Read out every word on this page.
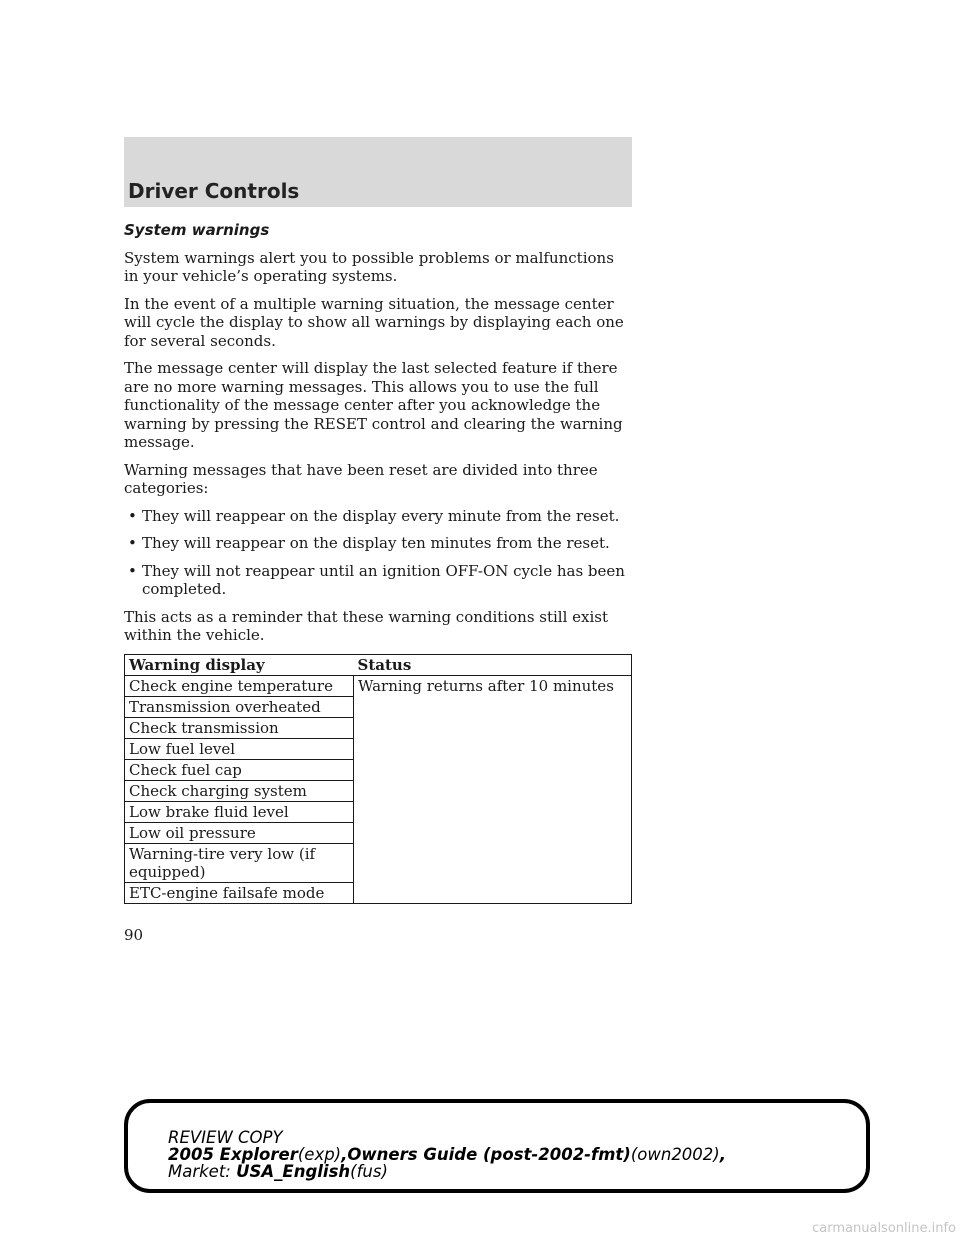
Driver Controls
System warnings

System warnings alert you to possible problems or malfunctions in your vehicle’s operating systems.

In the event of a multiple warning situation, the message center will cycle the display to show all warnings by displaying each one for several seconds.

The message center will display the last selected feature if there are no more warning messages. This allows you to use the full functionality of the message center after you acknowledge the warning by pressing the RESET control and clearing the warning message.

Warning messages that have been reset are divided into three categories:

• They will reappear on the display every minute from the reset.
• They will reappear on the display ten minutes from the reset.
• They will not reappear until an ignition OFF-ON cycle has been completed.

This acts as a reminder that these warning conditions still exist within the vehicle.

Warning display	Status
Check engine temperature	Warning returns after 10 minutes
Transmission overheated	
Check transmission	
Low fuel level	
Check fuel cap	
Check charging system	
Low brake fluid level	
Low oil pressure	
Warning-tire very low (if equipped)	
ETC-engine failsafe mode	
90
REVIEW COPY
2005 Explorer(exp),Owners Guide (post-2002-fmt)(own2002),
Market: USA_English(fus)
carmanualsonline.info
